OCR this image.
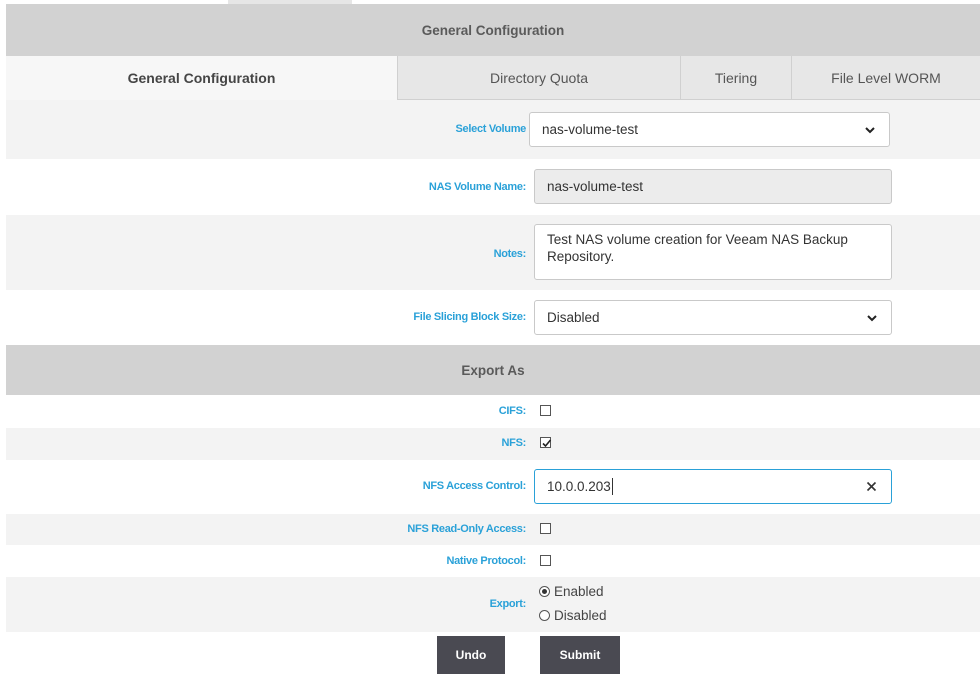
General Configuration
General Configuration	Directory Quota	Tiering	File Level WORM
Select Volume nas-volume-test
NAS Volume Name: nas-volume-test
Notes:
Test NAS volume creation for Veeam NAS Backup Repository.
File Slicing Block Size: Disabled
Export As
CIFS:
NFS:
NFS Access Control: 10.0.0.203
NFS Read-Only Access:
Native Protocol:
Export:
Enabled
Disabled
Undo	Submit
